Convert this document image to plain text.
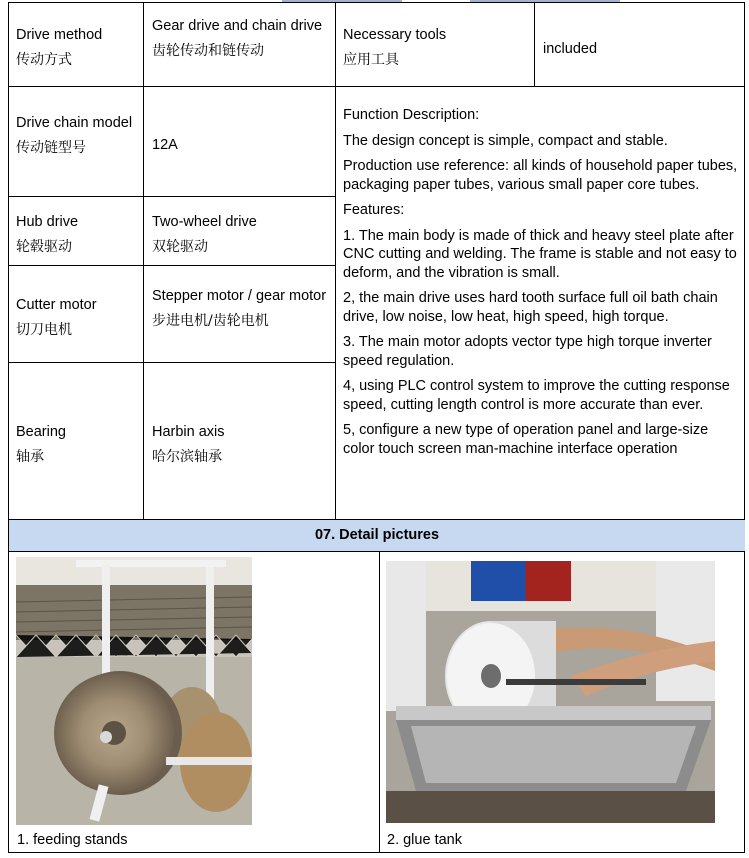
Drive method
传动方式
Gear drive and chain drive
齿轮传动和链传动
Necessary tools
应用工具
included
Drive chain model
传动链型号	12A
Hub drive
轮毂驱动
Two-wheel drive
双轮驱动
Cutter motor
切刀电机
Stepper motor / gear motor
步进电机/齿轮电机
Bearing
轴承
Harbin axis
哈尔滨轴承

Function Description:

The design concept is simple, compact and stable.

Production use reference: all kinds of household paper tubes, packaging paper tubes, various small paper core tubes.

Features:

1. The main body is made of thick and heavy steel plate after CNC cutting and welding. The frame is stable and not easy to deform, and the vibration is small.

2, the main drive uses hard tooth surface full oil bath chain drive, low noise, low heat, high speed, high torque.

3. The main motor adopts vector type high torque inverter speed regulation.

4, using PLC control system to improve the cutting response speed, cutting length control is more accurate than ever.

5, configure a new type of operation panel and large-size color touch screen man-machine interface operation

07. Detail pictures
1. feeding stands	2. glue tank
